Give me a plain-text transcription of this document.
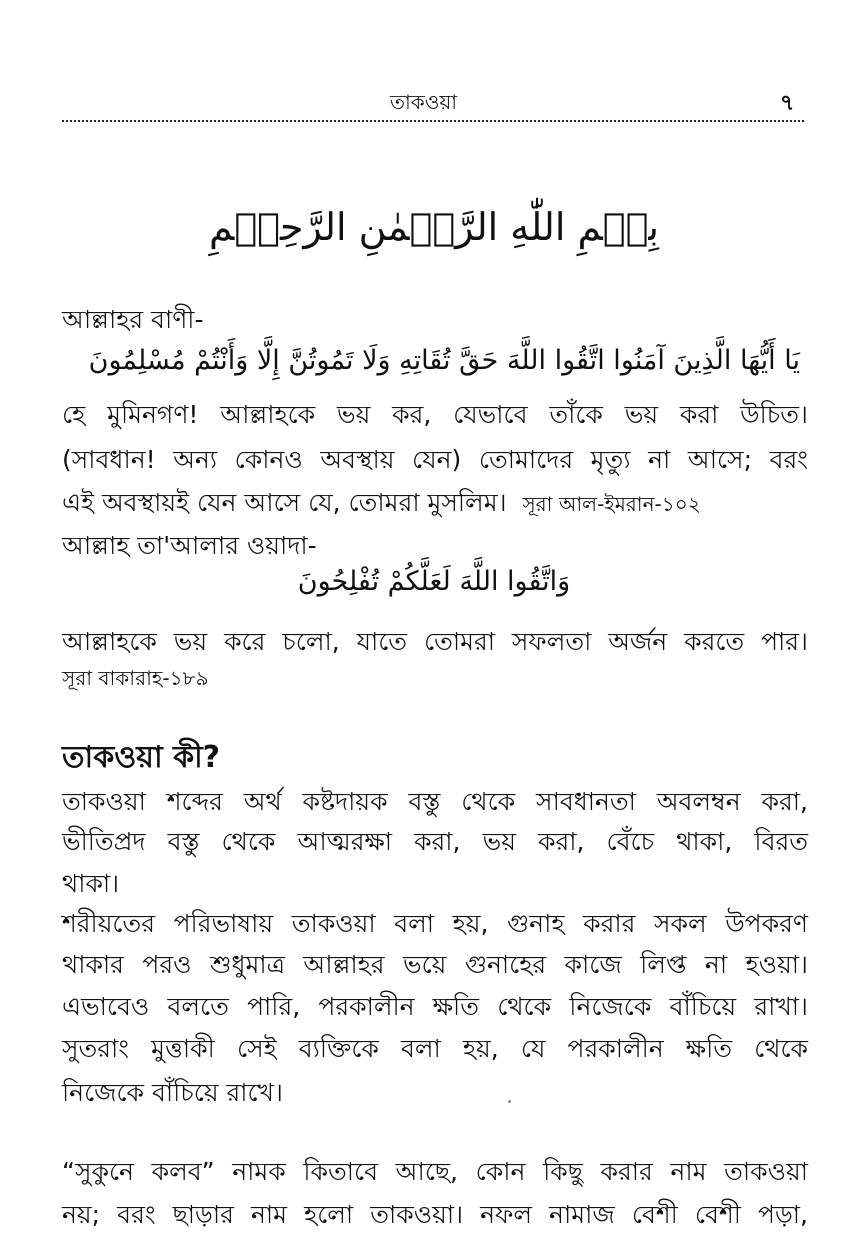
তাকওয়া	৭
بِسۡمِ اللّٰهِ الرَّحۡمٰنِ الرَّحِیۡمِ
আল্লাহর বাণী-
يَا أَيُّهَا الَّذِينَ آمَنُوا اتَّقُوا اللَّهَ حَقَّ تُقَاتِهِ وَلَا تَمُوتُنَّ إِلَّا وَأَنْتُمْ مُسْلِمُونَ
হে মুমিনগণ! আল্লাহকে ভয় কর, যেভাবে তাঁকে ভয় করা উচিত।
(সাবধান! অন্য কোনও অবস্থায় যেন) তোমাদের মৃত্যু না আসে; বরং
এই অবস্থায়ই যেন আসে যে, তোমরা মুসলিম। সূরা আল-ইমরান-১০২
আল্লাহ তা'আলার ওয়াদা-
وَاتَّقُوا اللَّهَ لَعَلَّكُمْ تُفْلِحُونَ
আল্লাহকে ভয় করে চলো, যাতে তোমরা সফলতা অর্জন করতে পার।
সূরা বাকারাহ-১৮৯
তাকওয়া কী?
তাকওয়া শব্দের অর্থ কষ্টদায়ক বস্তু থেকে সাবধানতা অবলম্বন করা,
ভীতিপ্রদ বস্তু থেকে আত্মরক্ষা করা, ভয় করা, বেঁচে থাকা, বিরত
থাকা।
শরীয়তের পরিভাষায় তাকওয়া বলা হয়, গুনাহ করার সকল উপকরণ
থাকার পরও শুধুমাত্র আল্লাহর ভয়ে গুনাহের কাজে লিপ্ত না হওয়া।
এভাবেও বলতে পারি, পরকালীন ক্ষতি থেকে নিজেকে বাঁচিয়ে রাখা।
সুতরাং মুত্তাকী সেই ব্যক্তিকে বলা হয়, যে পরকালীন ক্ষতি থেকে
নিজেকে বাঁচিয়ে রাখে।
“সুকুনে কলব” নামক কিতাবে আছে, কোন কিছু করার নাম তাকওয়া
নয়; বরং ছাড়ার নাম হলো তাকওয়া। নফল নামাজ বেশী বেশী পড়া,
